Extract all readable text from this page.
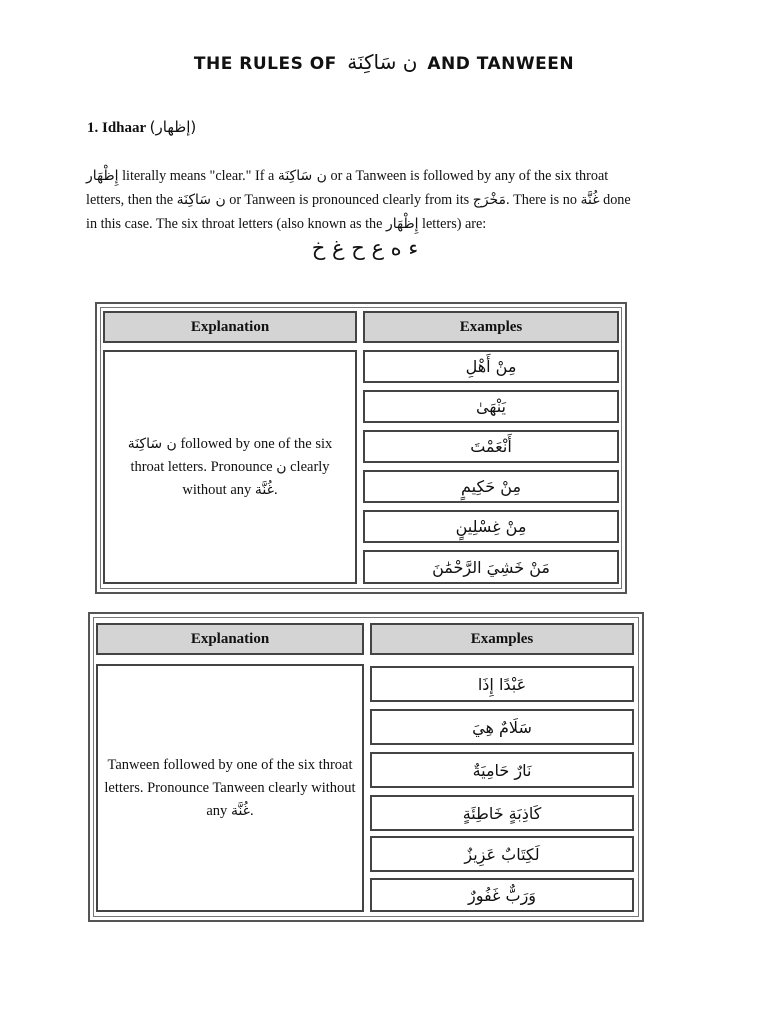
THE RULES OF ن سَاكِنَة AND TANWEEN
1. Idhaar (إظهار)
إِظْهَار literally means "clear." If a ن سَاكِنَة or a Tanween is followed by any of the six throat letters, then the ن سَاكِنَة or Tanween is pronounced clearly from its مَخْرَج. There is no غُنَّة done in this case. The six throat letters (also known as the إِظْهَار letters) are:
ء ه ع ح غ خ
Explanation	Examples
ن سَاكِنَة followed by one of the six throat letters. Pronounce ن clearly without any غُنَّة.
مِنْ أَهْلِ
يَنْهَىٰ
أَنْعَمْتَ
مِنْ حَكِيمٍ
مِنْ غِسْلِينٍ
مَنْ خَشِيَ الرَّحْمَٰنَ
Explanation	Examples
Tanween followed by one of the six throat letters. Pronounce Tanween clearly without any غُنَّة.
عَبْدًا إِذَا
سَلَامٌ هِيَ
نَارٌ حَامِيَةٌ
كَاذِبَةٍ خَاطِئَةٍ
لَكِتَابٌ عَزِيزٌ
وَرَبٌّ غَفُورٌ
